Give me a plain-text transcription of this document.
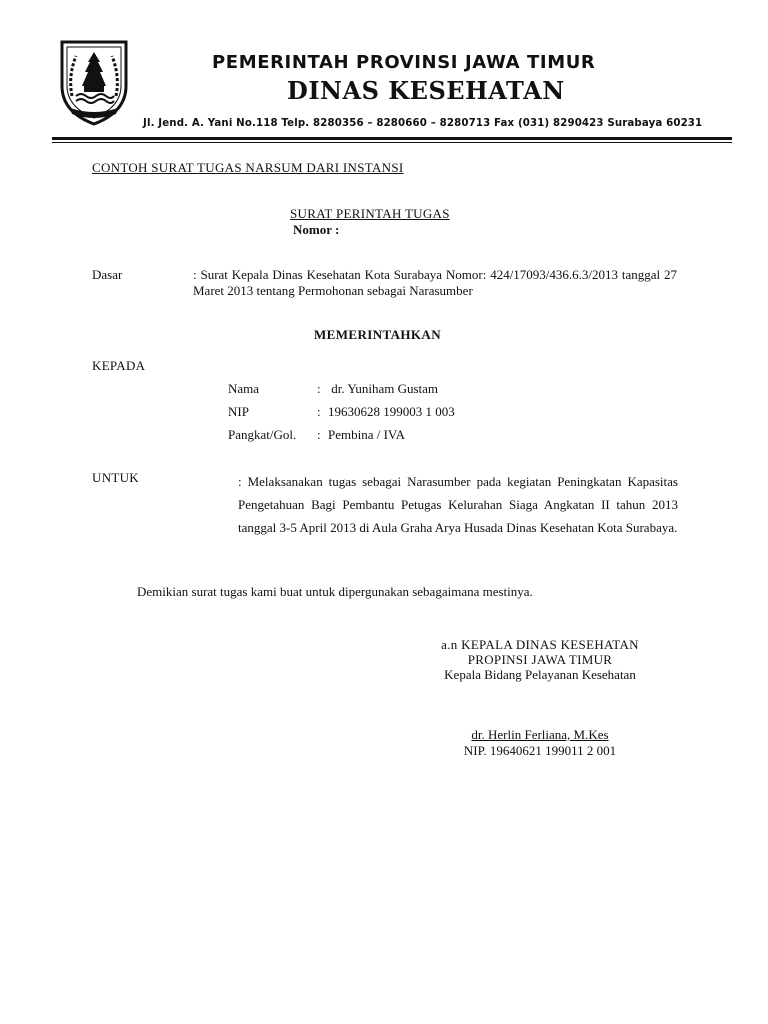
PEMERINTAH PROVINSI JAWA TIMUR
DINAS KESEHATAN
Jl. Jend. A. Yani No.118 Telp. 8280356 – 8280660 – 8280713 Fax (031) 8290423 Surabaya 60231
CONTOH SURAT TUGAS NARSUM DARI INSTANSI
SURAT PERINTAH TUGAS
Nomor :
Dasar	: Surat Kepala Dinas Kesehatan Kota Surabaya Nomor: 424/17093/436.6.3/2013 tanggal 27 Maret 2013 tentang Permohonan sebagai Narasumber
MEMERINTAHKAN
KEPADA
Nama	: dr. Yuniham Gustam
NIP	: 19630628 199003 1 003
Pangkat/Gol. : Pembina / IVA
UNTUK	: Melaksanakan tugas sebagai Narasumber pada kegiatan Peningkatan Kapasitas Pengetahuan Bagi Pembantu Petugas Kelurahan Siaga Angkatan II tahun 2013 tanggal 3-5 April 2013 di Aula Graha Arya Husada Dinas Kesehatan Kota Surabaya.
Demikian surat tugas kami buat untuk dipergunakan sebagaimana mestinya.
a.n KEPALA DINAS KESEHATAN
PROPINSI JAWA TIMUR
Kepala Bidang Pelayanan Kesehatan
dr. Herlin Ferliana, M.Kes
NIP. 19640621 199011 2 001
